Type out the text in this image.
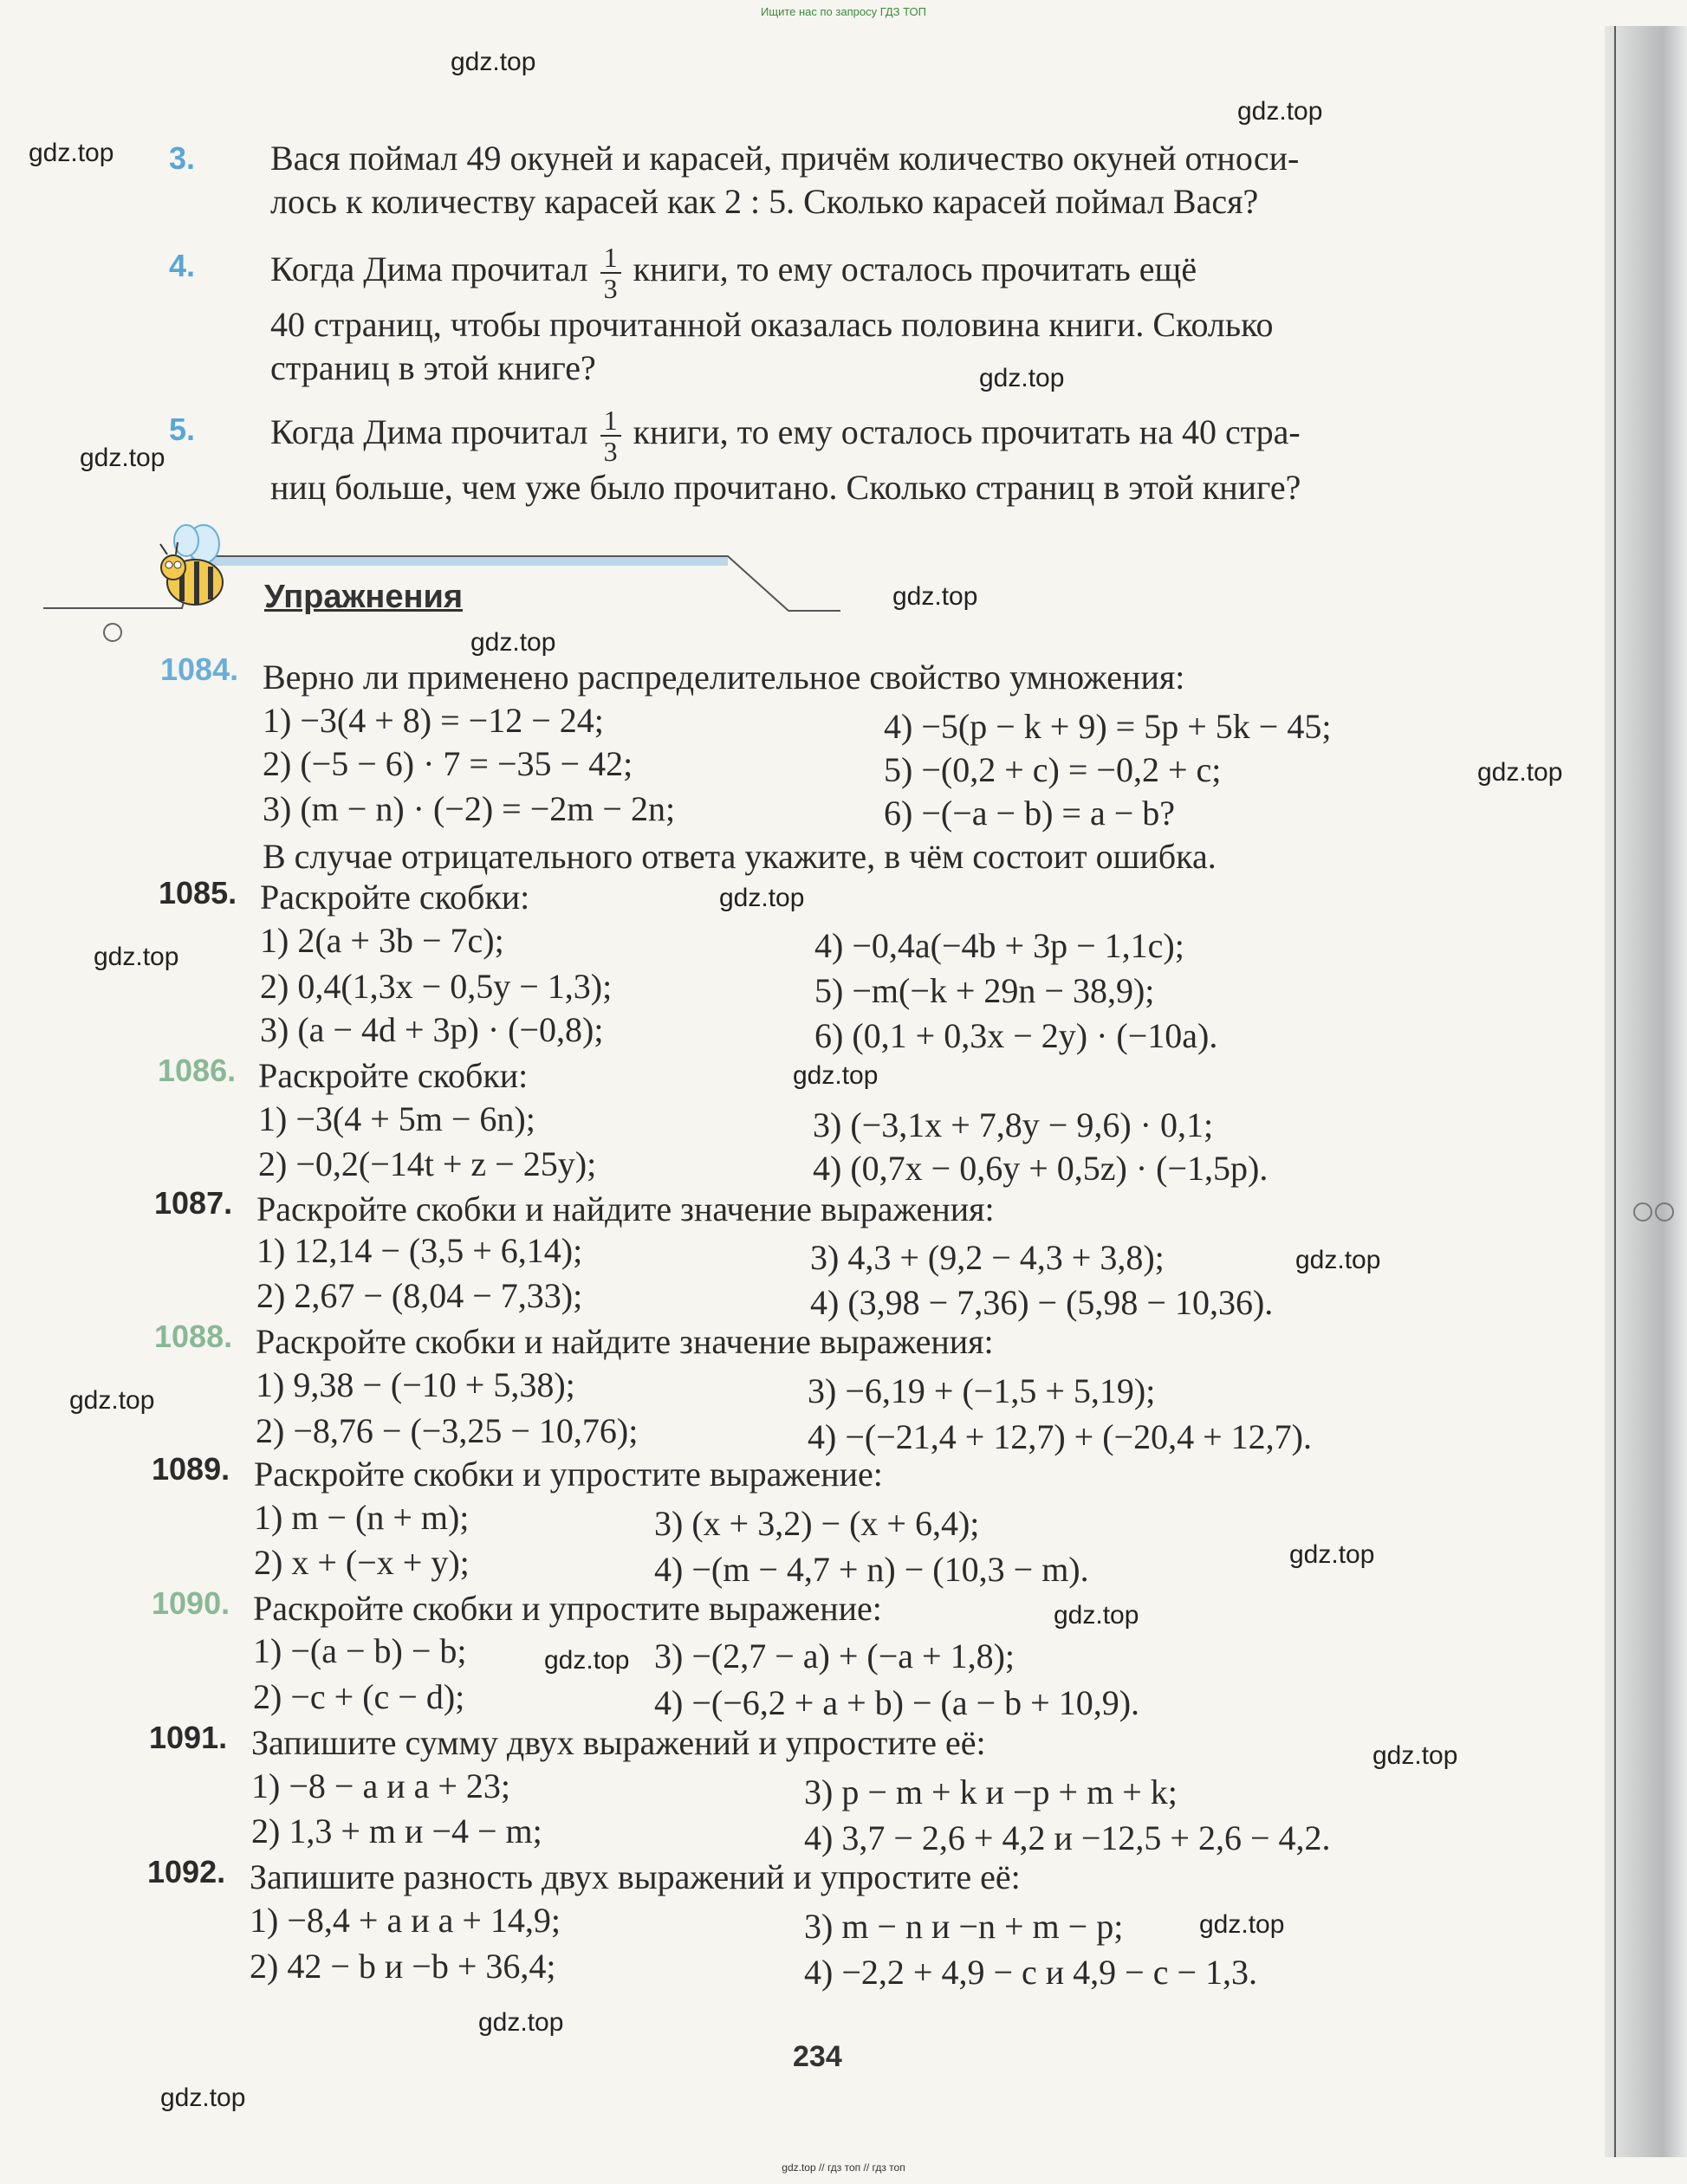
Ищите нас по запросу ГДЗ ТОП
gdz.top
gdz.top
gdz.top
gdz.top
gdz.top
gdz.top
gdz.top
gdz.top
gdz.top
gdz.top
gdz.top
gdz.top
gdz.top
gdz.top
gdz.top
gdz.top
gdz.top
gdz.top
gdz.top
gdz.top
3. Вася поймал 49 окуней и карасей, причём количество окуней относи-
лось к количеству карасей как 2 : 5. Сколько карасей поймал Вася?
4. Когда Дима прочитал $\frac{1}{3}$ книги, то ему осталось прочитать ещё
40 страниц, чтобы прочитанной оказалась половина книги. Сколько
страниц в этой книге?
5. Когда Дима прочитал $\frac{1}{3}$ книги, то ему осталось прочитать на 40 стра-
ниц больше, чем уже было прочитано. Сколько страниц в этой книге?
Упражнения
1084. Верно ли применено распределительное свойство умножения:
1) −3(4 + 8) = −12 − 24;
2) (−5 − 6) · 7 = −35 − 42;
3) (m − n) · (−2) = −2m − 2n;
4) −5(p − k + 9) = 5p + 5k − 45;
5) −(0,2 + c) = −0,2 + c;
6) −(−a − b) = a − b?
В случае отрицательного ответа укажите, в чём состоит ошибка.
1085. Раскройте скобки:
1) 2(a + 3b − 7c);
2) 0,4(1,3x − 0,5y − 1,3);
3) (a − 4d + 3p) · (−0,8);
4) −0,4a(−4b + 3p − 1,1c);
5) −m(−k + 29n − 38,9);
6) (0,1 + 0,3x − 2y) · (−10a).
1086. Раскройте скобки:
1) −3(4 + 5m − 6n);
2) −0,2(−14t + z − 25y);
3) (−3,1x + 7,8y − 9,6) · 0,1;
4) (0,7x − 0,6y + 0,5z) · (−1,5p).
1087. Раскройте скобки и найдите значение выражения:
1) 12,14 − (3,5 + 6,14);
2) 2,67 − (8,04 − 7,33);
3) 4,3 + (9,2 − 4,3 + 3,8);
4) (3,98 − 7,36) − (5,98 − 10,36).
1088. Раскройте скобки и найдите значение выражения:
1) 9,38 − (−10 + 5,38);
2) −8,76 − (−3,25 − 10,76);
3) −6,19 + (−1,5 + 5,19);
4) −(−21,4 + 12,7) + (−20,4 + 12,7).
1089. Раскройте скобки и упростите выражение:
1) m − (n + m);
2) x + (−x + y);
3) (x + 3,2) − (x + 6,4);
4) −(m − 4,7 + n) − (10,3 − m).
1090. Раскройте скобки и упростите выражение:
1) −(a − b) − b;
2) −c + (c − d);
3) −(2,7 − a) + (−a + 1,8);
4) −(−6,2 + a + b) − (a − b + 10,9).
1091. Запишите сумму двух выражений и упростите её:
1) −8 − a и a + 23;
2) 1,3 + m и −4 − m;
3) p − m + k и −p + m + k;
4) 3,7 − 2,6 + 4,2 и −12,5 + 2,6 − 4,2.
1092. Запишите разность двух выражений и упростите её:
1) −8,4 + a и a + 14,9;
2) 42 − b и −b + 36,4;
3) m − n и −n + m − p;
4) −2,2 + 4,9 − c и 4,9 − c − 1,3.
234
gdz.top // гдз топ // гдз топ
